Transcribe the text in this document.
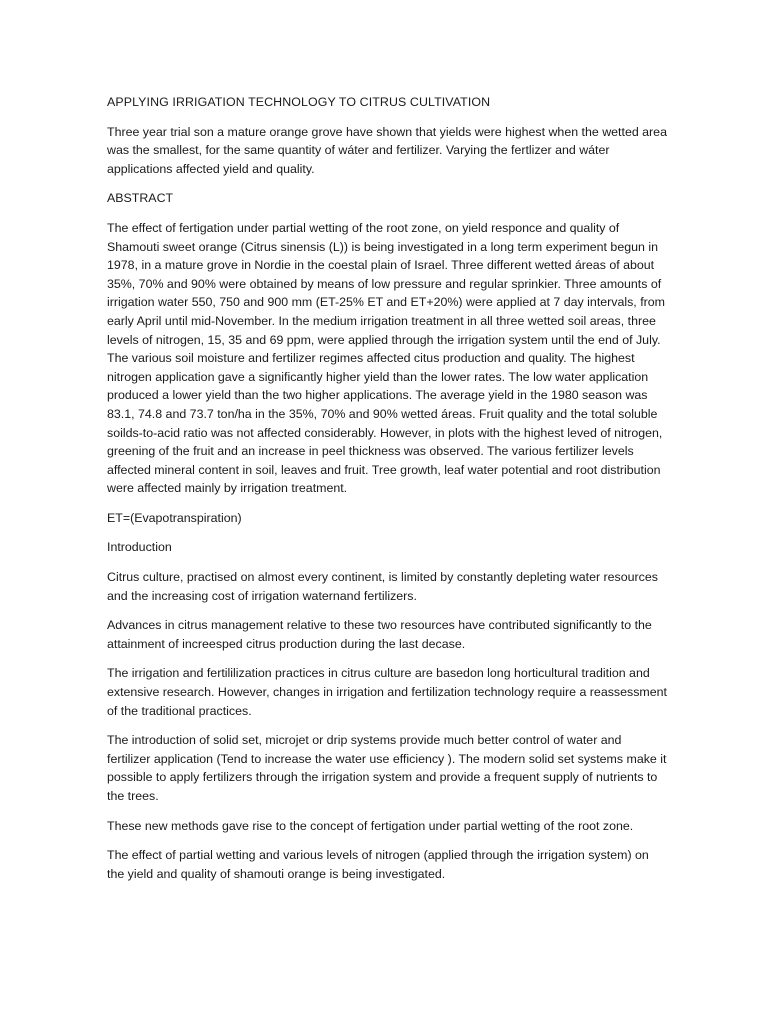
APPLYING IRRIGATION TECHNOLOGY TO CITRUS CULTIVATION

Three year trial son a mature orange grove have shown that yields were highest when the wetted area was the smallest, for the same quantity of wáter and fertilizer. Varying the fertlizer and wáter applications affected yield and quality.

ABSTRACT

The effect of fertigation under partial wetting of the root zone, on yield responce and quality of Shamouti sweet orange (Citrus sinensis (L)) is being investigated in a long term experiment begun in 1978, in a mature grove in Nordie in the coestal plain of Israel. Three different wetted áreas of about 35%, 70% and 90% were obtained by means of low pressure and regular sprinkier. Three amounts of irrigation water 550, 750 and 900 mm (ET-25% ET and ET+20%) were applied at 7 day intervals, from early April until mid-November. In the medium irrigation treatment in all three wetted soil areas, three levels of nitrogen, 15, 35 and 69 ppm, were applied through the irrigation system until the end of July. The various soil moisture and fertilizer regimes affected citus production and quality. The highest nitrogen application gave a significantly higher yield than the lower rates. The low water application produced a lower yield than the two higher applications. The average yield in the 1980 season was 83.1, 74.8 and 73.7 ton/ha in the 35%, 70% and 90% wetted áreas. Fruit quality and the total soluble soilds-to-acid ratio was not affected considerably. However, in plots with the highest leved of nitrogen, greening of the fruit and an increase in peel thickness was observed. The various fertilizer levels affected mineral content in soil, leaves and fruit. Tree growth, leaf water potential and root distribution were affected mainly by irrigation treatment.

ET=(Evapotranspiration)

Introduction

Citrus culture, practised on almost every continent, is limited by constantly depleting water resources and the increasing cost of irrigation waternand fertilizers.

Advances in citrus management relative to these two resources have contributed significantly to the attainment of increesped citrus production during the last decase.

The irrigation and fertililization practices in citrus culture are basedon long horticultural tradition and extensive research. However, changes in irrigation and fertilization technology require a reassessment of the traditional practices.

The introduction of solid set, microjet or drip systems provide much better control of water and fertilizer application (Tend to increase the water use efficiency ). The modern solid set systems make it possible to apply fertilizers through the irrigation system and provide a frequent supply of nutrients to the trees.

These new methods gave rise to the concept of fertigation under partial wetting of the root zone.

The effect of partial wetting and various levels of nitrogen (applied through the irrigation system) on the yield and quality of shamouti orange is being investigated.
